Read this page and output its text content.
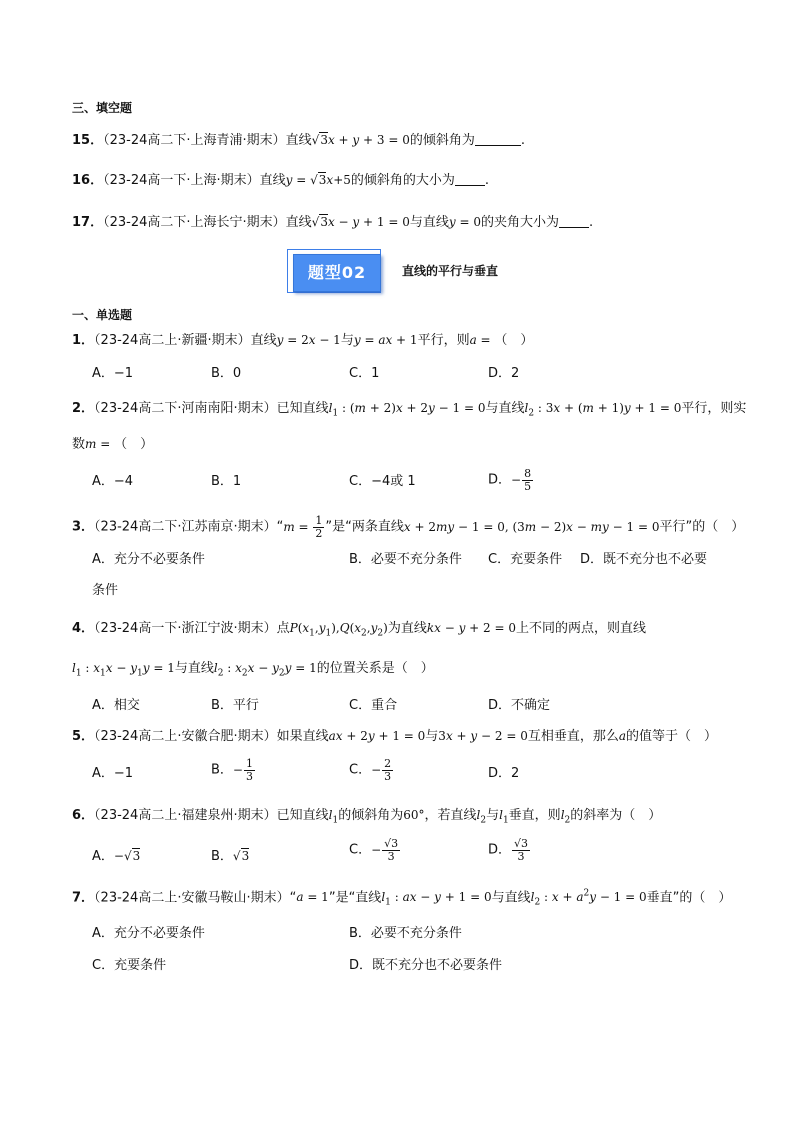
三、填空题
15．（23-24高二下·上海青浦·期末）直线√3x + y + 3 = 0的倾斜角为	.
16．（23-24高一下·上海·期末）直线y = √3x+5的倾斜角的大小为 .
17．（23-24高二下·上海长宁·期末）直线√3x − y + 1 = 0与直线y = 0的夹角大小为 .
题型02	直线的平行与垂直
一、单选题
1．（23-24高二上·新疆·期末）直线y = 2x − 1与y = ax + 1平行，则a = （　）
A．−1	B．0	C．1	D．2
2．（23-24高二下·河南南阳·期末）已知直线$l_1$ : (m + 2)x + 2y − 1 = 0与直线$l_2$ : 3x + (m + 1)y + 1 = 0平行，则实
数m = （　）
A．−4	B．1	C．−4或 1	D．− $\frac{8}{5}$
3．（23-24高二下·江苏南京·期末）“m = $\frac{1}{2}$ ”是“两条直线x + 2my − 1 = 0, (3m − 2)x − my − 1 = 0平行”的（　）
A．充分不必要条件	B．必要不充分条件 C．充要条件 D．既不充分也不必要
条件
4．（23-24高一下·浙江宁波·期末）点$P(x_1,y_1),Q(x_2,y_2)$为直线kx − y + 2 = 0上不同的两点，则直线
$l_1$ : $x_1x - y_1y = 1$与直线$l_2$ : $x_2x - y_2y = 1$的位置关系是（　）
A．相交	B．平行	C．重合	D．不确定
5．（23-24高二上·安徽合肥·期末）如果直线ax + 2y + 1 = 0与3x + y − 2 = 0互相垂直，那么a的值等于（　）
A．−1	B．− $\frac{1}{3}$	C．− $\frac{2}{3}$	D．2
6．（23-24高二上·福建泉州·期末）已知直线$l_1$的倾斜角为60°，若直线$l_2$与$l_1$垂直，则$l_2$的斜率为（　）
A．−√3	B．√3	C．− $\frac{√3}{3}$	D． $\frac{√3}{3}$
7．（23-24高二上·安徽马鞍山·期末）“a = 1”是“直线$l_1$ : ax − y + 1 = 0与直线$l_2$ : $x + a^2y - 1 = 0$垂直”的（　）
A．充分不必要条件	B．必要不充分条件
C．充要条件	D．既不充分也不必要条件
